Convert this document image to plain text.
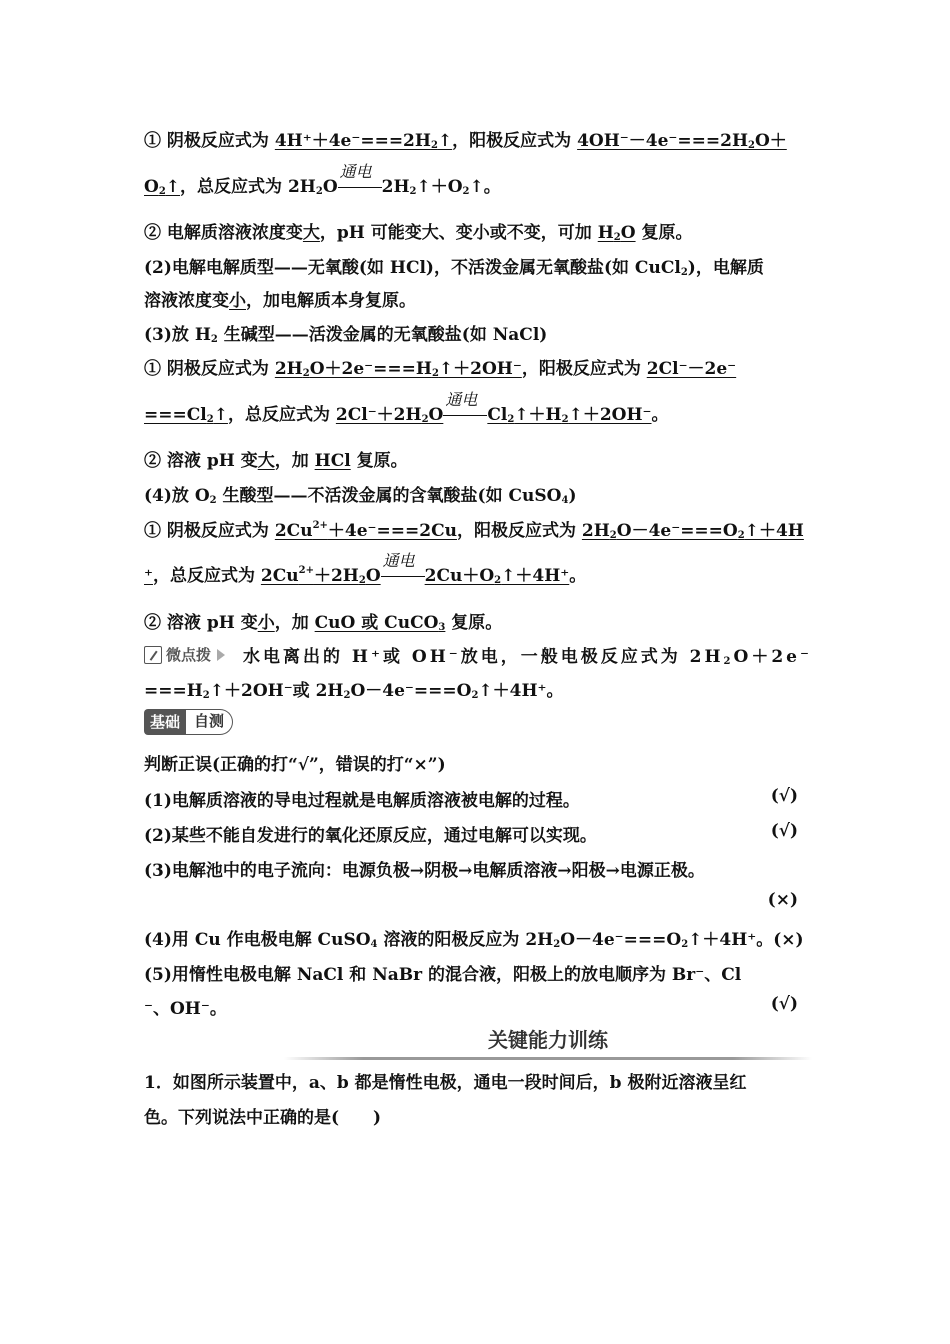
① 阴极反应式为 $4H^++4e^-===2H_2↑$，阳极反应式为 $4OH^--4e^-===2H_2O+$
$O_2↑$，总反应式为 $2H_2O$
通电
$2H_2↑+O_2↑$。
② 电解质溶液浓度变大，pH 可能变大、变小或不变，可加 $H_2O$ 复原。
(2)电解电解质型——无氧酸(如 HCl)，不活泼金属无氧酸盐(如 CuCl$_2$)，电解质
溶液浓度变小，加电解质本身复原。
(3)放 $H_2$ 生碱型——活泼金属的无氧酸盐(如 NaCl)
① 阴极反应式为 $2H_2O+2e^-===H_2↑+2OH^-$，阳极反应式为 2Cl⁻－2e⁻
$===Cl_2↑$，总反应式为 $2Cl^-+2H_2O$
通电
$Cl_2↑+H_2↑+2OH^-$。
② 溶液 pH 变大，加 HCl 复原。
(4)放 $O_2$ 生酸型——不活泼金属的含氧酸盐(如 CuSO$_4$)
① 阴极反应式为 $2Cu^{2+}+4e^-===2Cu$，阳极反应式为 $2H_2O-4e^-===O_2↑+4H$
⁺，总反应式为 $2Cu^{2+}+2H_2O$
通电
$2Cu+O_2↑+4H^+$。
② 溶液 pH 变小，加 CuO 或 CuCO$_3$ 复原。
微点拨	水电离出的 H⁺或 OH⁻放电，一般电极反应式为 $2H_2O+2e^-$
$===H_2↑+2OH^-$或 $2H_2O-4e^-===O_2↑+4H^+$。
基础 自测
判断正误(正确的打“√”，错误的打“×”)
(1)电解质溶液的导电过程就是电解质溶液被电解的过程。	(√)
(2)某些不能自发进行的氧化还原反应，通过电解可以实现。	(√)
(3)电解池中的电子流向：电源负极→阴极→电解质溶液→阳极→电源正极。
(×)
(4)用 Cu 作电极电解 CuSO$_4$ 溶液的阳极反应为 $2H_2O-4e^-===O_2↑+4H^+$。(×)
(5)用惰性电极电解 NaCl 和 NaBr 的混合液，阳极上的放电顺序为 Br⁻、Cl
⁻、OH⁻。	(√)
关键能力训练
1．如图所示装置中，a、b 都是惰性电极，通电一段时间后，b 极附近溶液呈红
色。下列说法中正确的是(　　)
